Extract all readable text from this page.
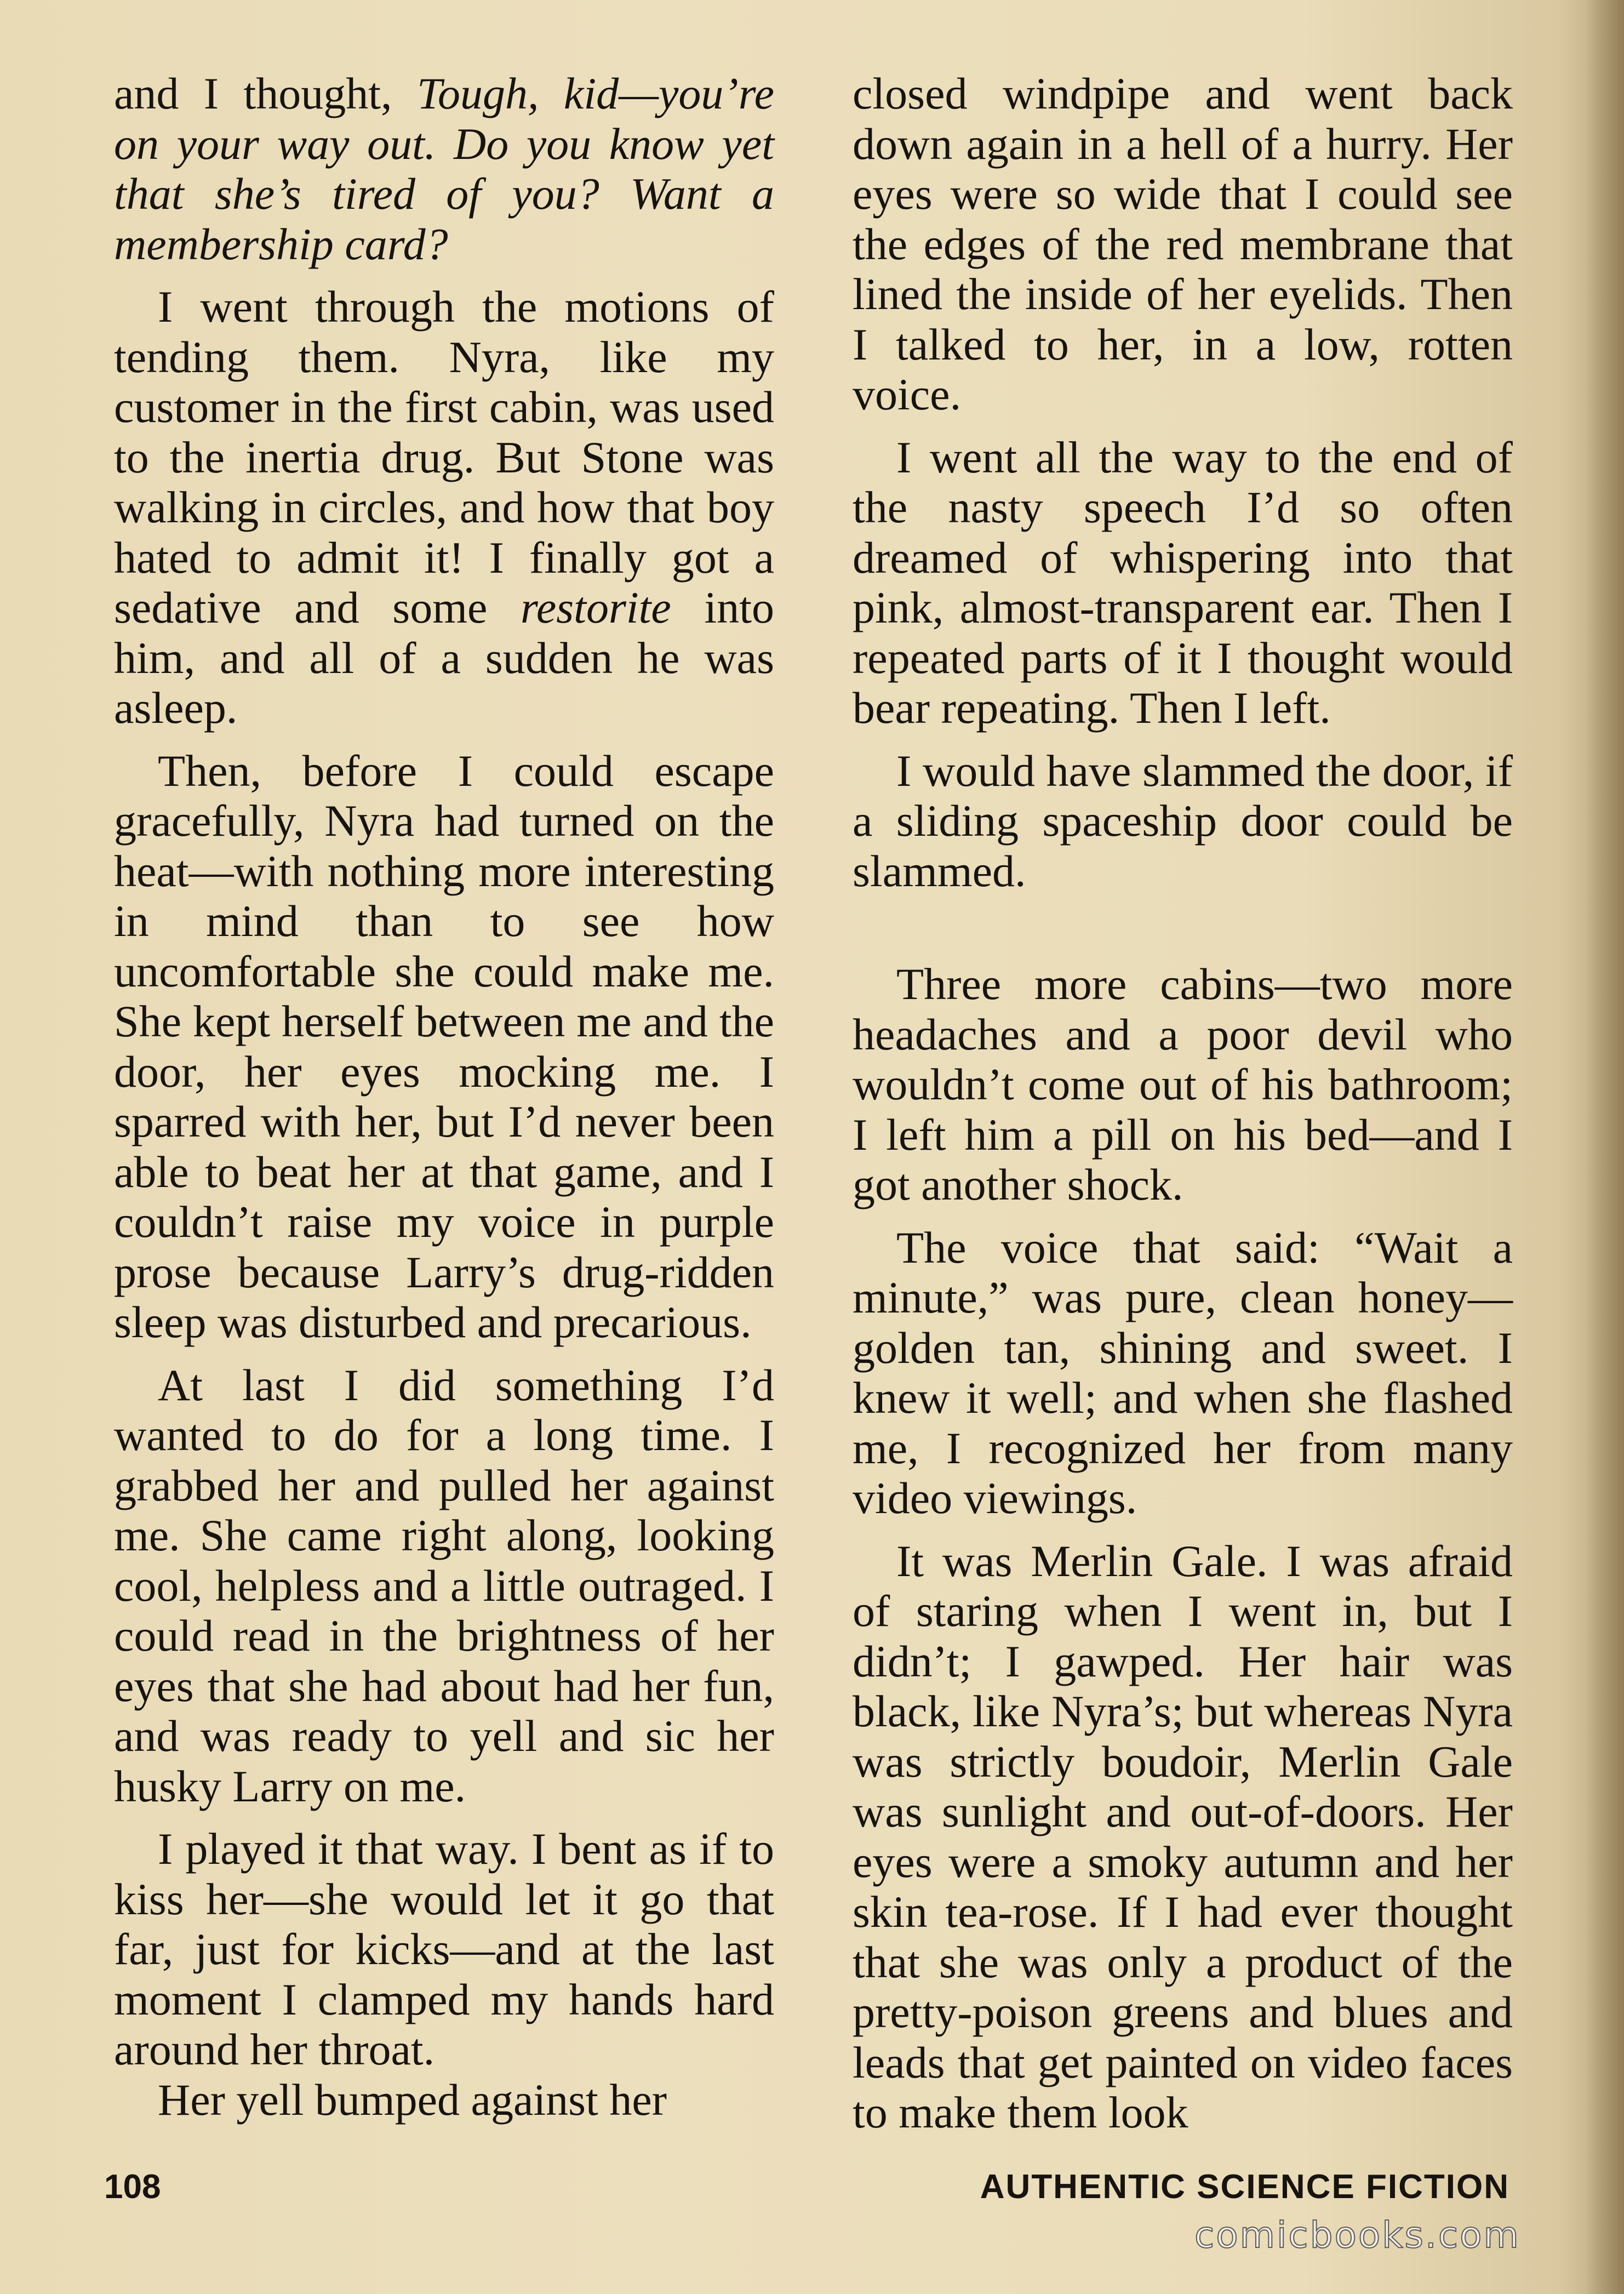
and I thought, Tough, kid—you’re on your way out. Do you know yet that she’s tired of you? Want a membership card?

I went through the motions of tending them. Nyra, like my customer in the first cabin, was used to the inertia drug. But Stone was walking in circles, and how that boy hated to admit it! I finally got a sedative and some restorite into him, and all of a sudden he was asleep.

Then, before I could escape gracefully, Nyra had turned on the heat—with nothing more interesting in mind than to see how uncomfortable she could make me. She kept herself between me and the door, her eyes mocking me. I sparred with her, but I’d never been able to beat her at that game, and I couldn’t raise my voice in purple prose because Larry’s drug-ridden sleep was disturbed and precarious.

At last I did something I’d wanted to do for a long time. I grabbed her and pulled her against me. She came right along, looking cool, helpless and a little outraged. I could read in the brightness of her eyes that she had about had her fun, and was ready to yell and sic her husky Larry on me.

I played it that way. I bent as if to kiss her—she would let it go that far, just for kicks—and at the last moment I clamped my hands hard around her throat.

Her yell bumped against her

closed windpipe and went back down again in a hell of a hurry. Her eyes were so wide that I could see the edges of the red membrane that lined the inside of her eyelids. Then I talked to her, in a low, rotten voice.

I went all the way to the end of the nasty speech I’d so often dreamed of whispering into that pink, almost-transparent ear. Then I repeated parts of it I thought would bear repeating. Then I left.

I would have slammed the door, if a sliding spaceship door could be slammed.

Three more cabins—two more headaches and a poor devil who wouldn’t come out of his bathroom; I left him a pill on his bed—and I got another shock.

The voice that said: “Wait a minute,” was pure, clean honey—golden tan, shining and sweet. I knew it well; and when she flashed me, I recognized her from many video viewings.

It was Merlin Gale. I was afraid of staring when I went in, but I didn’t; I gawped. Her hair was black, like Nyra’s; but whereas Nyra was strictly boudoir, Merlin Gale was sunlight and out-of-doors. Her eyes were a smoky autumn and her skin tea-rose. If I had ever thought that she was only a product of the pretty-poison greens and blues and leads that get painted on video faces to make them look

108	AUTHENTIC SCIENCE FICTION
comicbooks.com
